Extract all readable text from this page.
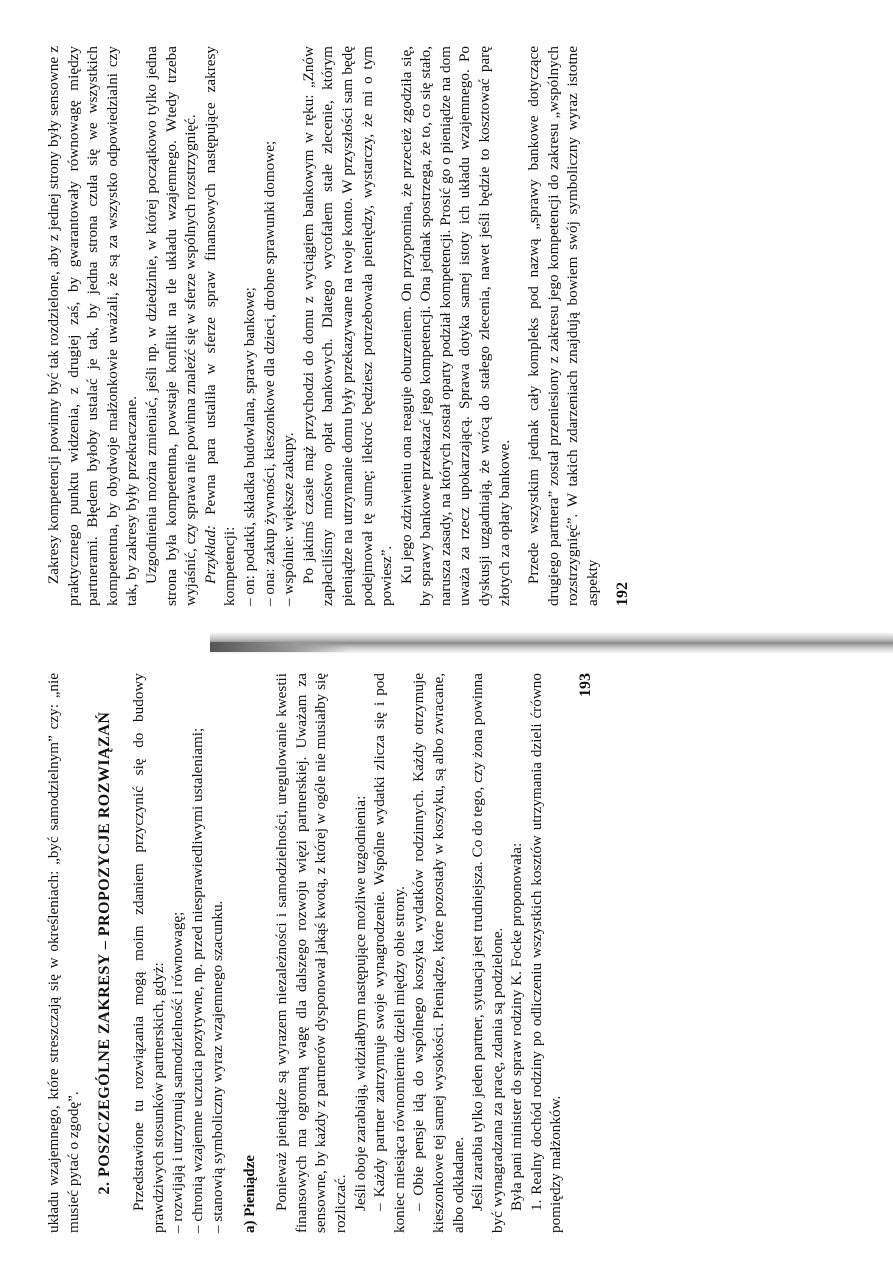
Zakresy kompetencji powinny być tak rozdzielone, aby z jednej strony były sensowne z praktycznego punktu widzenia, z drugiej zaś, by gwarantowały równowagę między partnerami. Błędem byłoby ustalać je tak, by jedna strona czuła się we wszystkich kompetentna, by obydwoje małżonkowie uważali, że są za wszystko odpowiedzialni czy tak, by zakresy były przekraczane. Uzgodnienia można zmieniać, jeśli np. w dziedzinie, w której początkowo tylko jedna strona była kompetentna, powstaje konflikt na tle układu wzajemnego. Wtedy trzeba wyjaśnić, czy sprawa nie powinna znaleźć się w sferze wspólnych rozstrzygnięć. Przykład: Pewna para ustaliła w sferze spraw finansowych następujące zakresy kompetencji: – on: podatki, składka budowlana, sprawy bankowe; – ona: zakup żywności, kieszonkowe dla dzieci, drobne sprawunki domowe; – wspólnie: większe zakupy. Po jakimś czasie mąż przychodzi do domu z wyciągiem bankowym w ręku: „Znów zapłaciliśmy mnóstwo opłat bankowych. Dlatego wycofałem stałe zlecenie, którym pieniądze na utrzymanie domu były przekazywane na twoje konto. W przyszłości sam będę podejmował tę sumę; ilekroć będziesz potrzebowała pieniędzy, wystarczy, że mi o tym powiesz”. Ku jego zdziwieniu ona reaguje oburzeniem. On przypomina, że przecież zgodziła się, by sprawy bankowe przekazać jego kompetencji. Ona jednak spostrzega, że to, co się stało, narusza zasady, na których został oparty podział kompetencji. Prosić go o pieniądze na dom uważa za rzecz upokarzającą. Sprawa dotyka samej istoty ich układu wzajemnego. Po dyskusji uzgadniają, że wrócą do stałego zlecenia, nawet jeśli będzie to kosztować parę złotych za opłaty bankowe. Przede wszystkim jednak cały kompleks pod nazwą „sprawy bankowe dotyczące drugiego partnera” został przeniesiony z zakresu jego kompetencji do zakresu „wspólnych rozstrzygnięć”. W takich zdarzeniach znajdują bowiem swój symboliczny wyraz istotne aspekty 192

układu wzajemnego, które streszczają się w określeniach: „być samodzielnym” czy: „nie musieć pytać o zgodę”. 2. POSZCZEGÓLNE ZAKRESY – PROPOZYCJE ROZWIĄZAŃ Przedstawione tu rozwiązania mogą moim zdaniem przyczynić się do budowy prawdziwych stosunków partnerskich, gdyż: – rozwijają i utrzymują samodzielność i równowagę; – chronią wzajemne uczucia pozytywne, np. przed niesprawiedliwymi ustaleniami; – stanowią symboliczny wyraz wzajemnego szacunku. a) Pieniądze Ponieważ pieniądze są wyrazem niezależności i samodzielności, uregulowanie kwestii finansowych ma ogromną wagę dla dalszego rozwoju więzi partnerskiej. Uważam za sensowne, by każdy z partnerów dysponował jakąś kwotą, z której w ogóle nie musiałby się rozliczać. Jeśli oboje zarabiają, widziałbym następujące możliwe uzgodnienia: – Każdy partner zatrzymuje swoje wynagrodzenie. Wspólne wydatki zlicza się i pod koniec miesiąca równomiernie dzieli między obie strony. – Obie pensje idą do wspólnego koszyka wydatków rodzinnych. Każdy otrzymuje kieszonkowe tej samej wysokości. Pieniądze, które pozostały w koszyku, są albo zwracane, albo odkładane. Jeśli zarabia tylko jeden partner, sytuacja jest trudniejsza. Co do tego, czy żona powinna być wynagradzana za pracę, zdania są podzielone. Była pani minister do spraw rodziny K. Focke proponowała: 1. Realny dochód rodziny po odliczeniu wszystkich kosztów utrzymania dzieli ćrówno pomiędzy małżonków.

193
